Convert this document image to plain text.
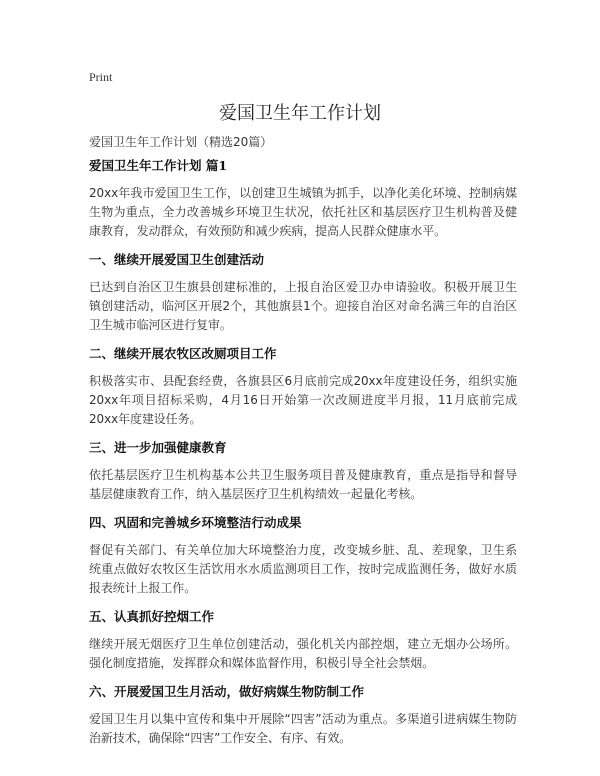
Print
爱国卫生年工作计划
爱国卫生年工作计划（精选20篇）
爱国卫生年工作计划 篇1
20xx年我市爱国卫生工作，以创建卫生城镇为抓手，以净化美化环境、控制病媒生物为重点，全力改善城乡环境卫生状况，依托社区和基层医疗卫生机构普及健康教育，发动群众，有效预防和减少疾病，提高人民群众健康水平。
一、继续开展爱国卫生创建活动
已达到自治区卫生旗县创建标准的，上报自治区爱卫办申请验收。积极开展卫生镇创建活动，临河区开展2个，其他旗县1个。迎接自治区对命名满三年的自治区卫生城市临河区进行复审。
二、继续开展农牧区改厕项目工作
积极落实市、县配套经费，各旗县区6月底前完成20xx年度建设任务，组织实施20xx年项目招标采购，4月16日开始第一次改厕进度半月报，11月底前完成20xx年度建设任务。
三、进一步加强健康教育
依托基层医疗卫生机构基本公共卫生服务项目普及健康教育，重点是指导和督导基层健康教育工作，纳入基层医疗卫生机构绩效一起量化考核。
四、巩固和完善城乡环境整洁行动成果
督促有关部门、有关单位加大环境整治力度，改变城乡脏、乱、差现象，卫生系统重点做好农牧区生活饮用水水质监测项目工作，按时完成监测任务，做好水质报表统计上报工作。
五、认真抓好控烟工作
继续开展无烟医疗卫生单位创建活动，强化机关内部控烟，建立无烟办公场所。强化制度措施，发挥群众和媒体监督作用，积极引导全社会禁烟。
六、开展爱国卫生月活动，做好病媒生物防制工作
爱国卫生月以集中宣传和集中开展除“四害”活动为重点。多渠道引进病媒生物防治新技术，确保除“四害”工作安全、有序、有效。
